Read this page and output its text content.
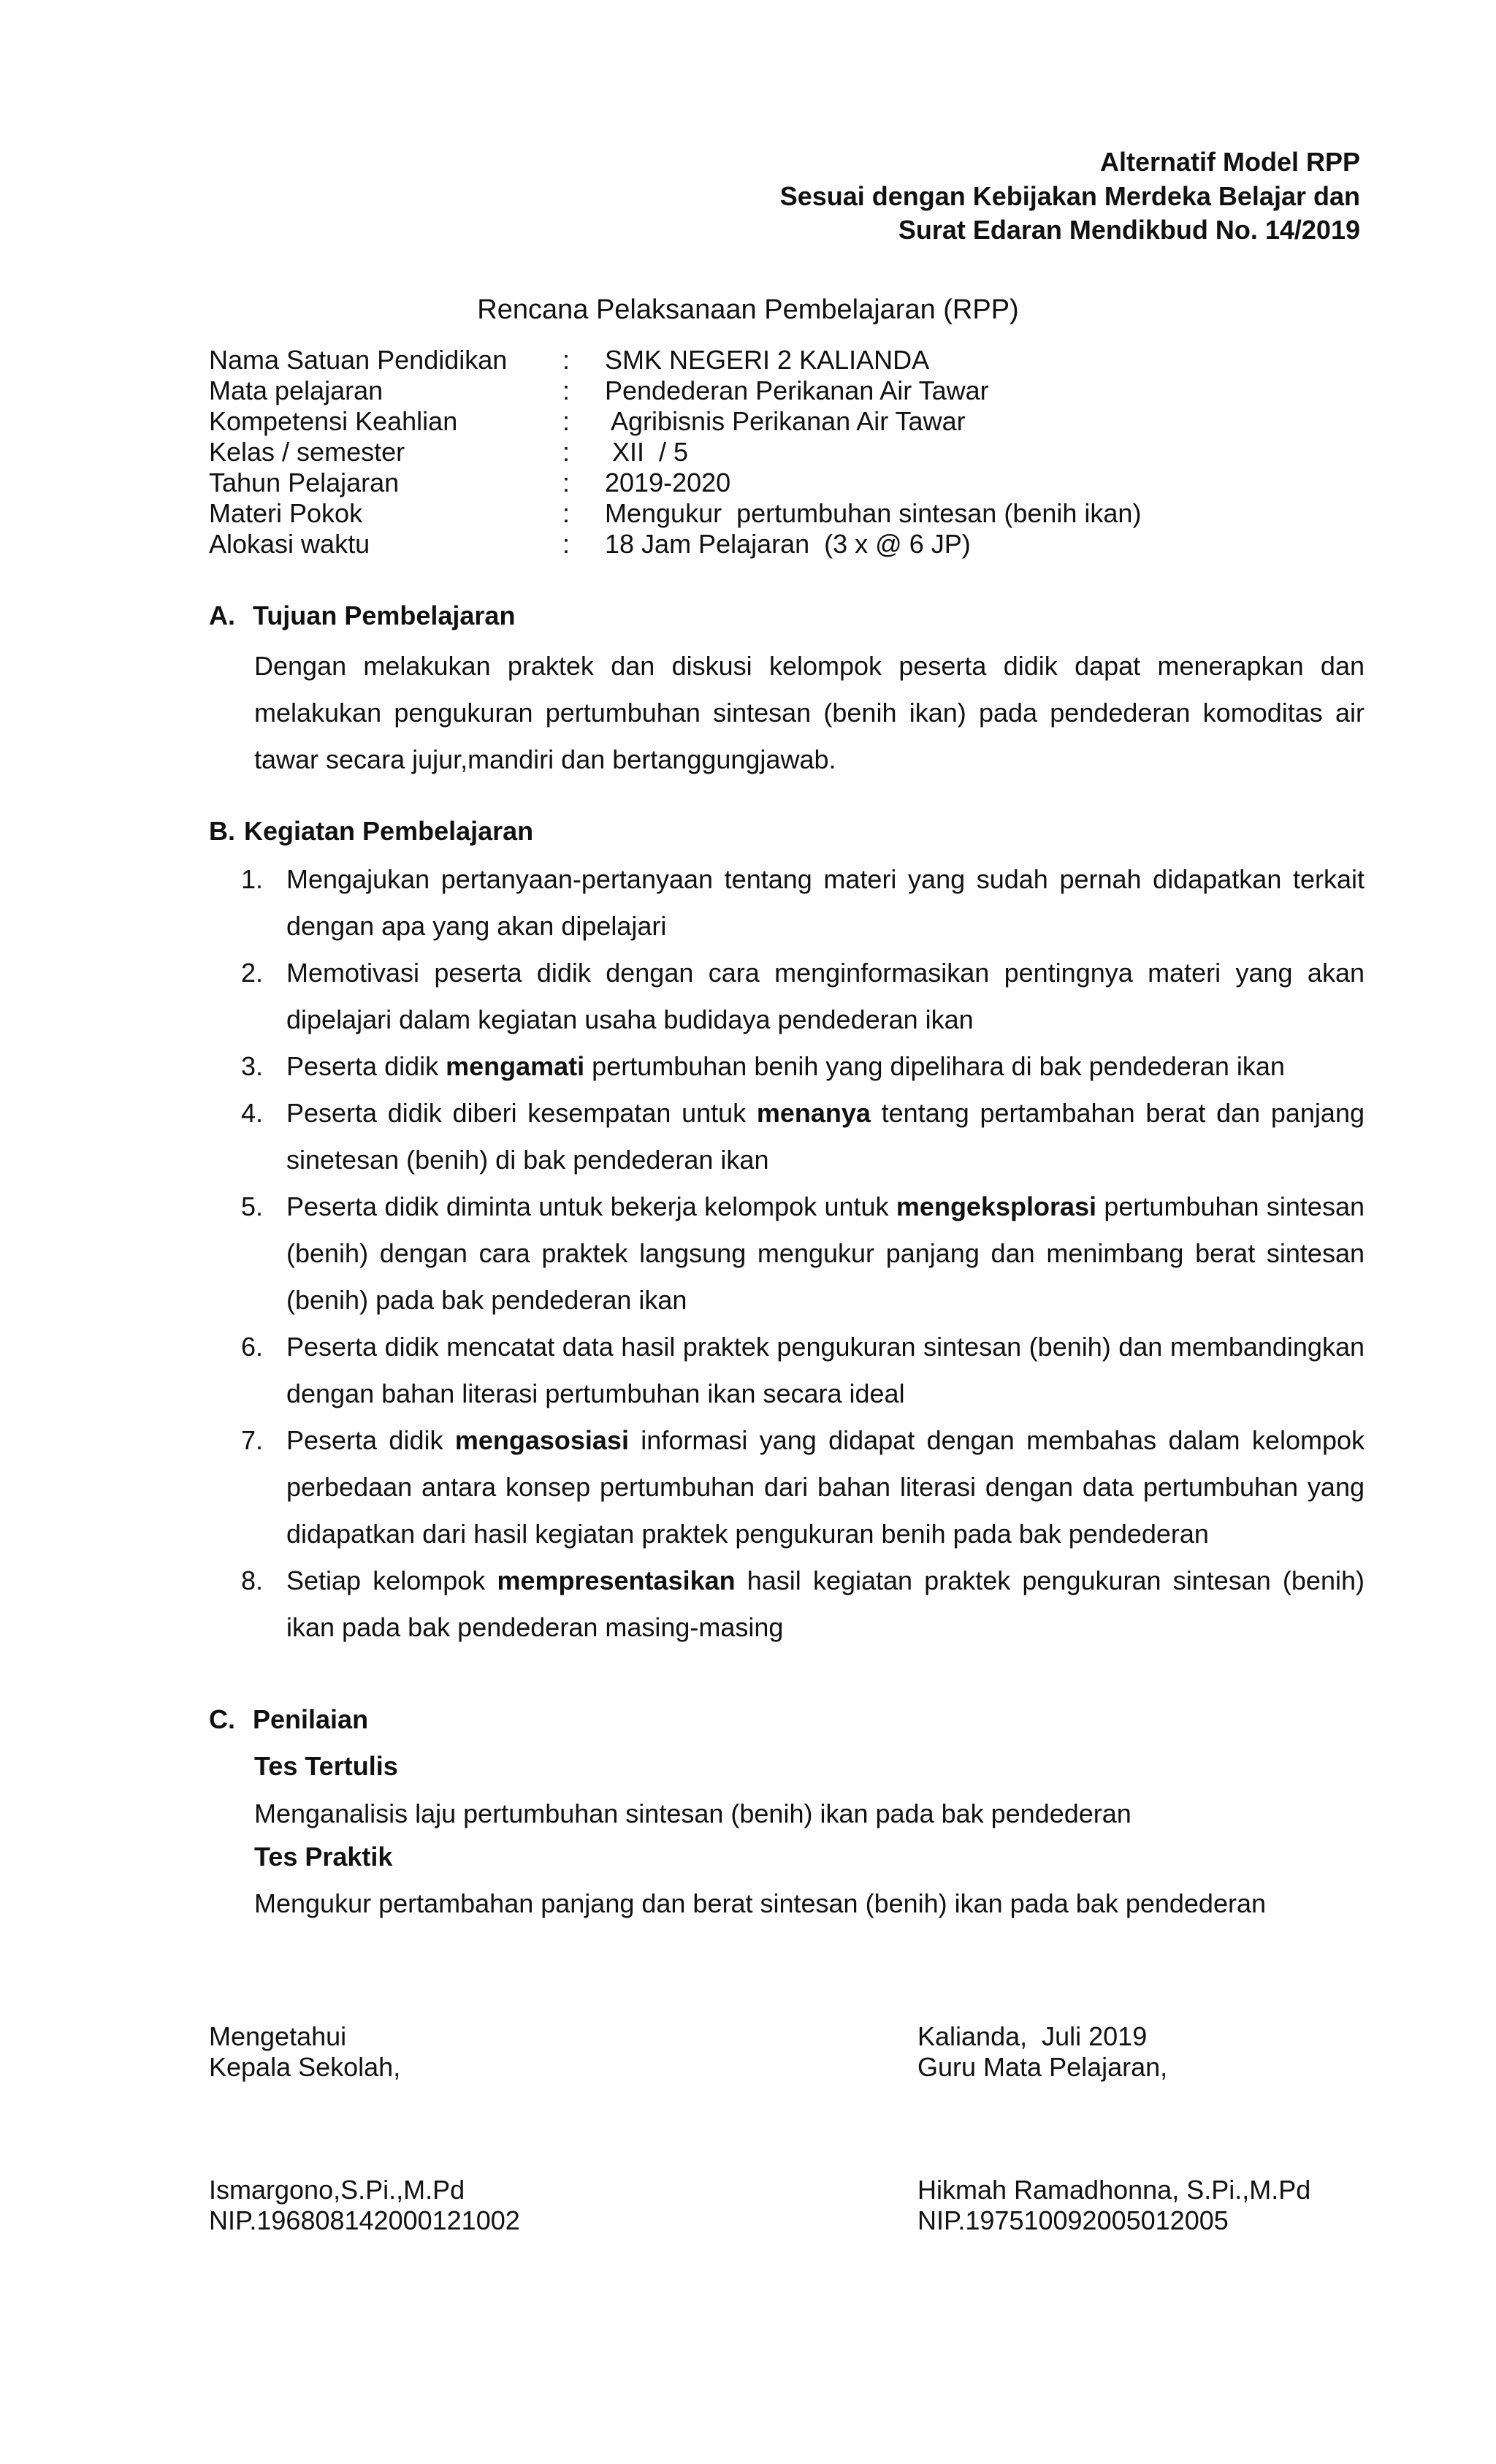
Alternatif Model RPP
Sesuai dengan Kebijakan Merdeka Belajar dan
Surat Edaran Mendikbud No. 14/2019
Rencana Pelaksanaan Pembelajaran (RPP)
Nama Satuan Pendidikan : SMK NEGERI 2 KALIANDA
Mata pelajaran	: Pendederan Perikanan Air Tawar
Kompetensi Keahlian	: Agribisnis Perikanan Air Tawar
Kelas / semester	: XII  / 5
Tahun Pelajaran	: 2019-2020
Materi Pokok	: Mengukur  pertumbuhan sintesan (benih ikan)
Alokasi waktu	: 18 Jam Pelajaran  (3 x @ 6 JP)
A. Tujuan Pembelajaran
Dengan melakukan praktek dan diskusi kelompok peserta didik dapat menerapkan dan melakukan pengukuran pertumbuhan sintesan (benih ikan) pada pendederan komoditas air tawar secara jujur,mandiri dan bertanggungjawab.
B. Kegiatan Pembelajaran
1. Mengajukan pertanyaan-pertanyaan tentang materi yang sudah pernah didapatkan terkait dengan apa yang akan dipelajari
2. Memotivasi peserta didik dengan cara menginformasikan pentingnya materi yang akan dipelajari dalam kegiatan usaha budidaya pendederan ikan
3. Peserta didik mengamati pertumbuhan benih yang dipelihara di bak pendederan ikan
4. Peserta didik diberi kesempatan untuk menanya tentang pertambahan berat dan panjang sinetesan (benih) di bak pendederan ikan
5. Peserta didik diminta untuk bekerja kelompok untuk mengeksplorasi pertumbuhan sintesan (benih) dengan cara praktek langsung mengukur panjang dan menimbang berat sintesan (benih) pada bak pendederan ikan
6. Peserta didik mencatat data hasil praktek pengukuran sintesan (benih) dan membandingkan dengan bahan literasi pertumbuhan ikan secara ideal
7. Peserta didik mengasosiasi informasi yang didapat dengan membahas dalam kelompok perbedaan antara konsep pertumbuhan dari bahan literasi dengan data pertumbuhan yang didapatkan dari hasil kegiatan praktek pengukuran benih pada bak pendederan
8. Setiap kelompok mempresentasikan hasil kegiatan praktek pengukuran sintesan (benih) ikan pada bak pendederan masing-masing
C. Penilaian
Tes Tertulis
Menganalisis laju pertumbuhan sintesan (benih) ikan pada bak pendederan
Tes Praktik
Mengukur pertambahan panjang dan berat sintesan (benih) ikan pada bak pendederan
Mengetahui
Kepala Sekolah,
Ismargono,S.Pi.,M.Pd
NIP.196808142000121002
Kalianda,  Juli 2019
Guru Mata Pelajaran,
Hikmah Ramadhonna, S.Pi.,M.Pd
NIP.197510092005012005
